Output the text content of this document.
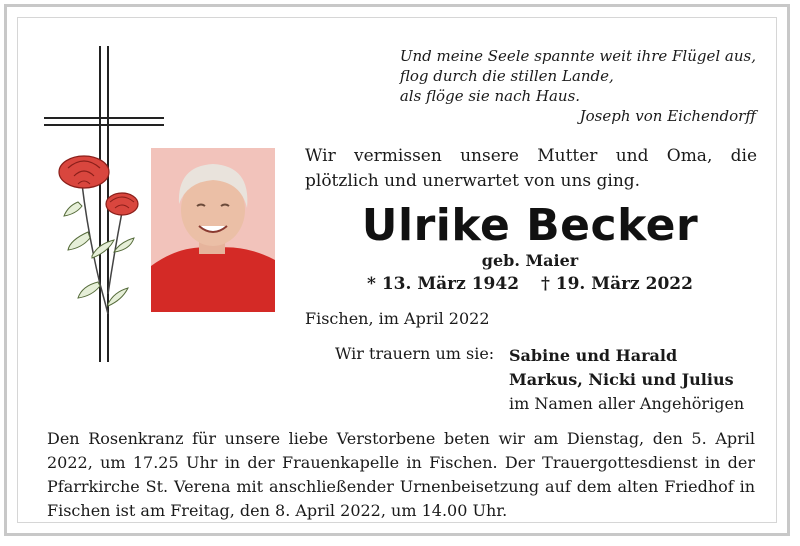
Und meine Seele spannte weit ihre Flügel aus,
flog durch die stillen Lande,
als flöge sie nach Haus.
Joseph von Eichendorff
Wir vermissen unsere Mutter und Oma, die plötzlich und unerwartet von uns ging.
Ulrike Becker
geb. Maier
* 13. März 1942 † 19. März 2022
Fischen, im April 2022
Wir trauern um sie: Sabine und Harald
Markus, Nicki und Julius
im Namen aller Angehörigen
Den Rosenkranz für unsere liebe Verstorbene beten wir am Dienstag, den 5. April 2022, um 17.25 Uhr in der Frauenkapelle in Fischen. Der Trauergottesdienst in der Pfarrkirche St. Verena mit anschließender Urnenbeisetzung auf dem alten Friedhof in Fischen ist am Freitag, den 8. April 2022, um 14.00 Uhr.
